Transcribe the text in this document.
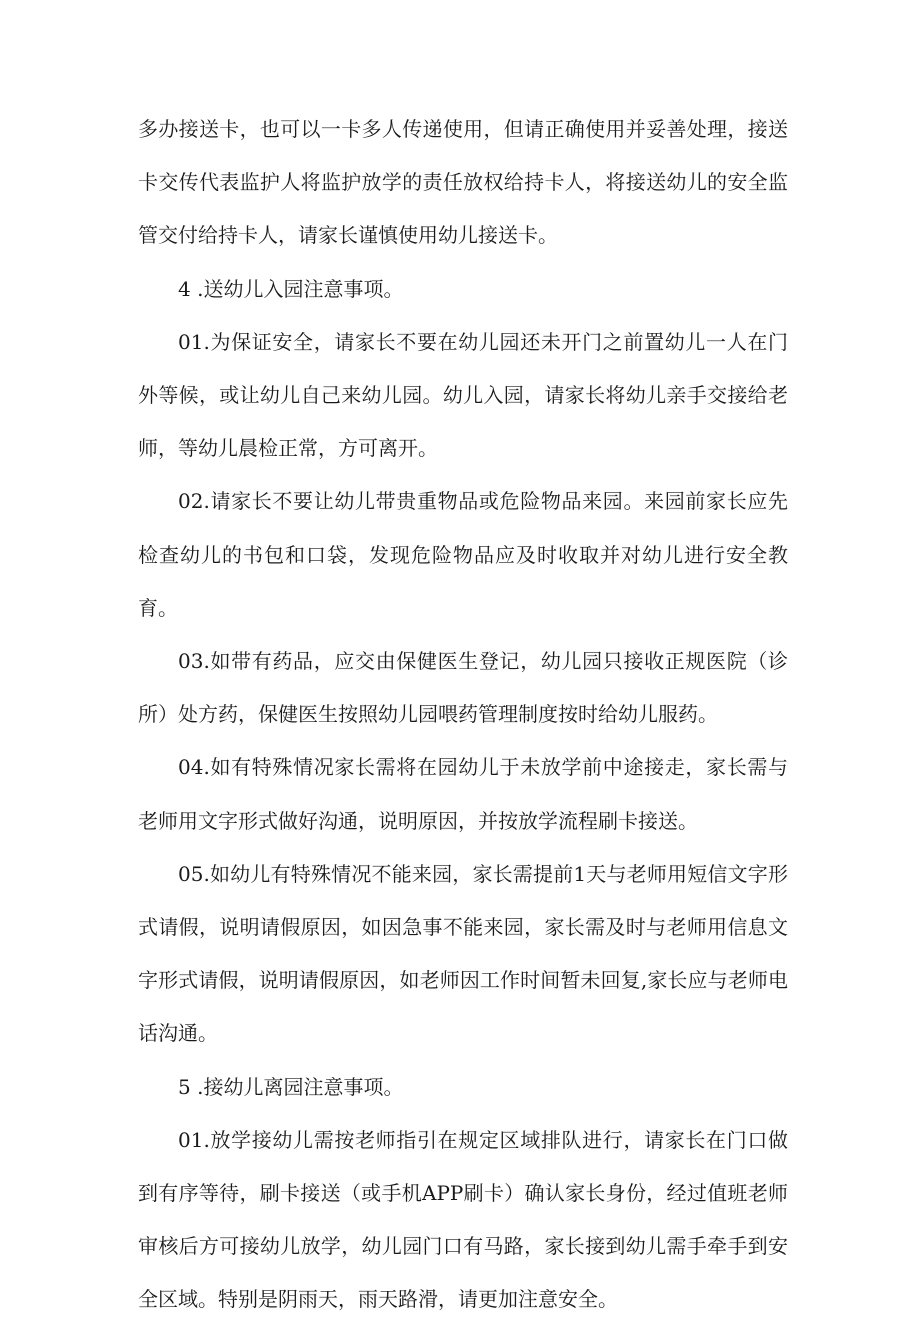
多办接送卡，也可以一卡多人传递使用，但请正确使用并妥善处理，接送卡交传代表监护人将监护放学的责任放权给持卡人，将接送幼儿的安全监管交付给持卡人，请家长谨慎使用幼儿接送卡。

4 .送幼儿入园注意事项。

01.为保证安全，请家长不要在幼儿园还未开门之前置幼儿一人在门外等候，或让幼儿自己来幼儿园。幼儿入园，请家长将幼儿亲手交接给老师，等幼儿晨检正常，方可离开。

02.请家长不要让幼儿带贵重物品或危险物品来园。来园前家长应先检查幼儿的书包和口袋，发现危险物品应及时收取并对幼儿进行安全教育。

03.如带有药品，应交由保健医生登记，幼儿园只接收正规医院（诊所）处方药，保健医生按照幼儿园喂药管理制度按时给幼儿服药。

04.如有特殊情况家长需将在园幼儿于未放学前中途接走，家长需与老师用文字形式做好沟通，说明原因，并按放学流程刷卡接送。

05.如幼儿有特殊情况不能来园，家长需提前1天与老师用短信文字形式请假，说明请假原因，如因急事不能来园，家长需及时与老师用信息文字形式请假，说明请假原因，如老师因工作时间暂未回复,家长应与老师电话沟通。

5 .接幼儿离园注意事项。

01.放学接幼儿需按老师指引在规定区域排队进行，请家长在门口做到有序等待，刷卡接送（或手机APP刷卡）确认家长身份，经过值班老师审核后方可接幼儿放学，幼儿园门口有马路，家长接到幼儿需手牵手到安全区域。特别是阴雨天，雨天路滑，请更加注意安全。
